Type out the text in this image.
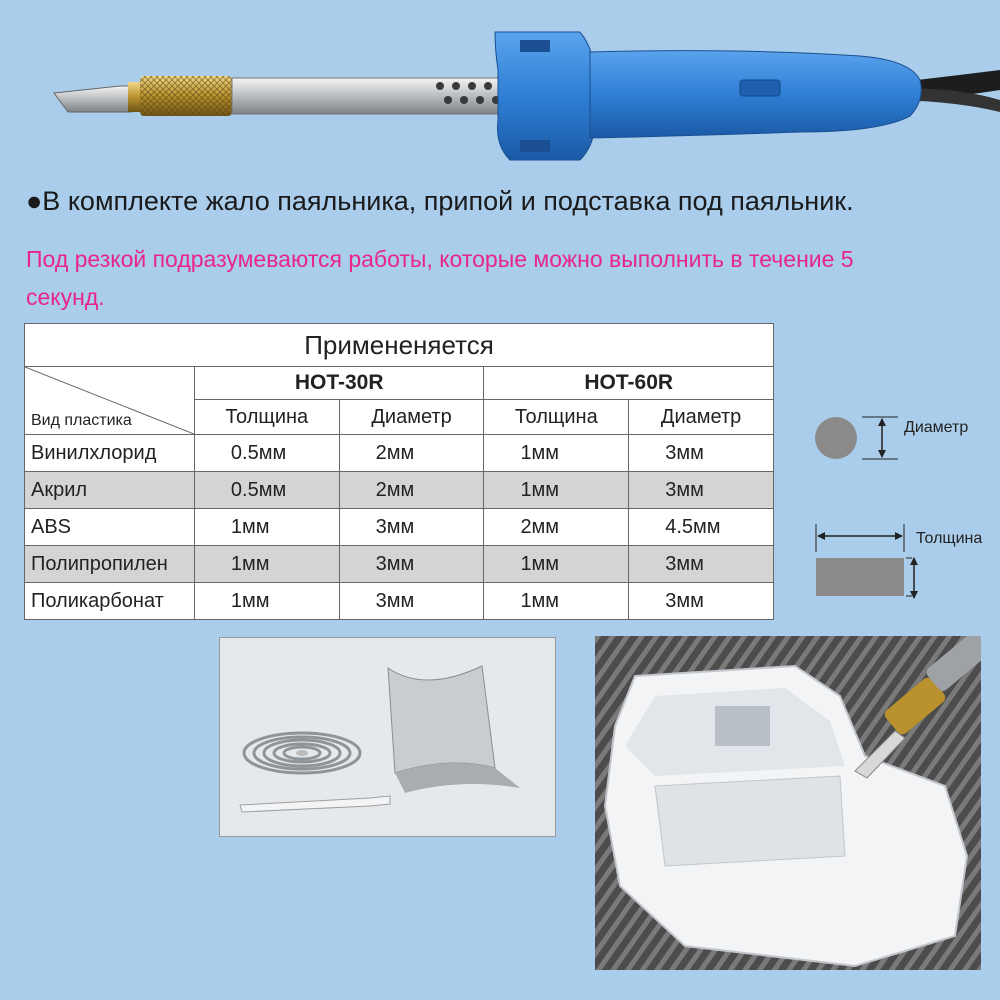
●В комплекте жало паяльника, припой и подставка под паяльник.
Под резкой подразумеваются работы, которые можно выполнить в течение 5 секунд.
Примененяется				

Вид пластика	HOT-30R		HOT-60R	
	Толщина	Диаметр	Толщина	Диаметр
Винилхлорид	0.5мм	2мм	1мм	3мм
Акрил	0.5мм	2мм	1мм	3мм
ABS	1мм	3мм	2мм	4.5мм
Полипропилен	1мм	3мм	1мм	3мм
Поликарбонат	1мм	3мм	1мм	3мм
Диаметр
Толщина
